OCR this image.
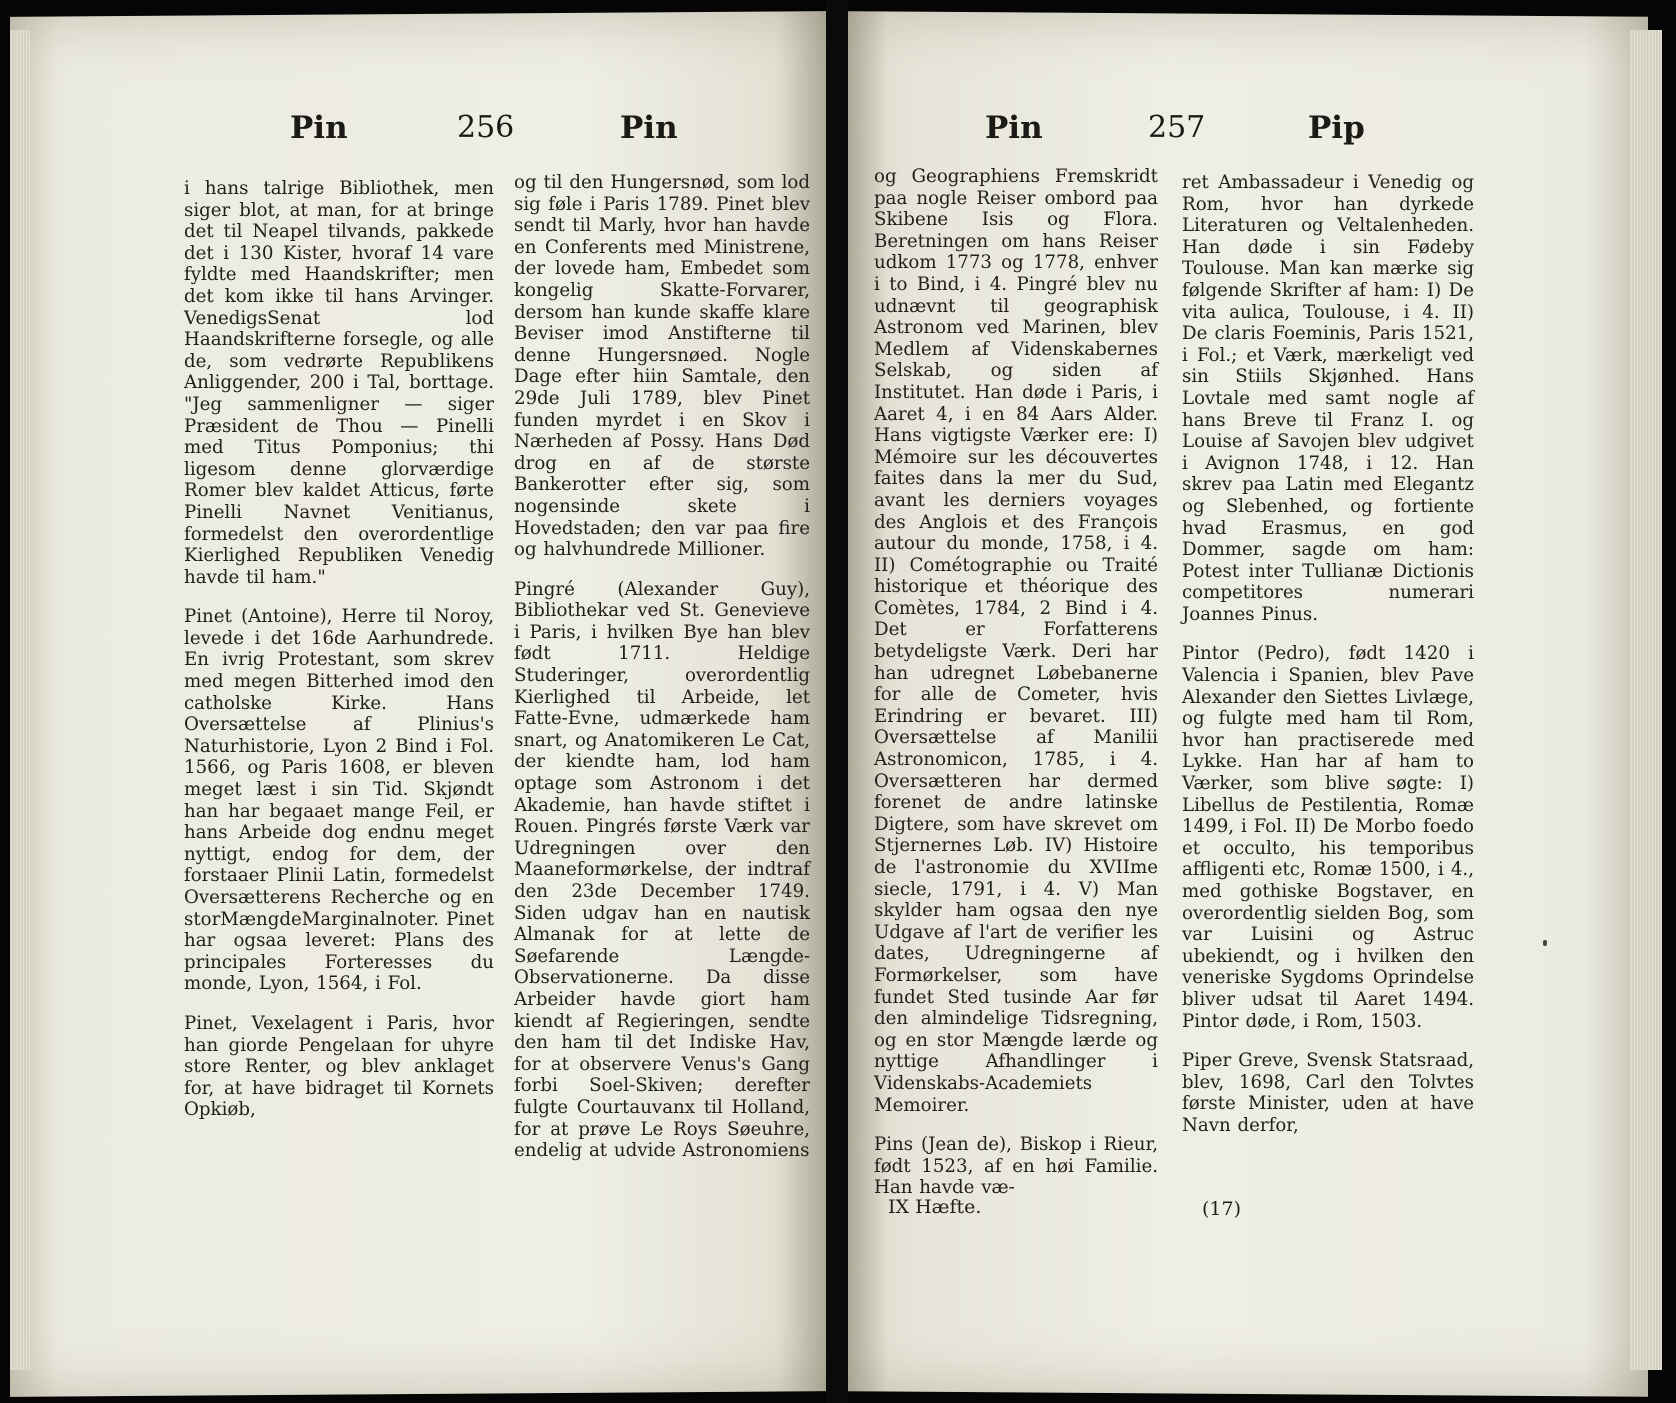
Pin	256	Pin

i hans talrige Bibliothek, men siger blot, at man, for at bringe det til Neapel tilvands, pakkede det i 130 Kister, hvoraf 14 vare fyldte med Haandskrifter; men det kom ikke til hans Arvinger. VenedigsSenat lod Haandskrifterne forsegle, og alle de, som vedrørte Republikens Anliggender, 200 i Tal, borttage. "Jeg sammenligner — siger Præsident de Thou — Pinelli med Titus Pomponius; thi ligesom denne glorværdige Romer blev kaldet Atticus, førte Pinelli Navnet Venitianus, formedelst den overordentlige Kierlighed Republiken Venedig havde til ham."

Pinet (Antoine), Herre til Noroy, levede i det 16de Aarhundrede. En ivrig Protestant, som skrev med megen Bitterhed imod den catholske Kirke. Hans Oversættelse af Plinius's Naturhistorie, Lyon 2 Bind i Fol. 1566, og Paris 1608, er bleven meget læst i sin Tid. Skjøndt han har begaaet mange Feil, er hans Arbeide dog endnu meget nyttigt, endog for dem, der forstaaer Plinii Latin, formedelst Oversætterens Recherche og en storMængdeMarginalnoter. Pinet har ogsaa leveret: Plans des principales Forteresses du monde, Lyon, 1564, i Fol.

Pinet, Vexelagent i Paris, hvor han giorde Pengelaan for uhyre store Renter, og blev anklaget for, at have bidraget til Kornets Opkiøb,

og til den Hungersnød, som lod sig føle i Paris 1789. Pinet blev sendt til Marly, hvor han havde en Conferents med Ministrene, der lovede ham, Embedet som kongelig Skatte-Forvarer, dersom han kunde skaffe klare Beviser imod Anstifterne til denne Hungersnøed. Nogle Dage efter hiin Samtale, den 29de Juli 1789, blev Pinet funden myrdet i en Skov i Nærheden af Possy. Hans Død drog en af de største Bankerotter efter sig, som nogensinde skete i Hovedstaden; den var paa fire og halvhundrede Millioner.

Pingré (Alexander Guy), Bibliothekar ved St. Genevieve i Paris, i hvilken Bye han blev født 1711. Heldige Studeringer, overordentlig Kierlighed til Arbeide, let Fatte-Evne, udmærkede ham snart, og Anatomikeren Le Cat, der kiendte ham, lod ham optage som Astronom i det Akademie, han havde stiftet i Rouen. Pingrés første Værk var Udregningen over den Maaneformørkelse, der indtraf den 23de December 1749. Siden udgav han en nautisk Almanak for at lette de Søefarende Længde-Observationerne. Da disse Arbeider havde giort ham kiendt af Regieringen, sendte den ham til det Indiske Hav, for at observere Venus's Gang forbi Soel-Skiven; derefter fulgte Courtauvanx til Holland, for at prøve Le Roys Søeuhre, endelig at udvide Astronomiens

Pin	257	Pip

og Geographiens Fremskridt paa nogle Reiser ombord paa Skibene Isis og Flora. Beretningen om hans Reiser udkom 1773 og 1778, enhver i to Bind, i 4. Pingré blev nu udnævnt til geographisk Astronom ved Marinen, blev Medlem af Videnskabernes Selskab, og siden af Institutet. Han døde i Paris, i Aaret 4, i en 84 Aars Alder. Hans vigtigste Værker ere: I) Mémoire sur les découvertes faites dans la mer du Sud, avant les derniers voyages des Anglois et des François autour du monde, 1758, i 4. II) Cométographie ou Traité historique et théorique des Comètes, 1784, 2 Bind i 4. Det er Forfatterens betydeligste Værk. Deri har han udregnet Løbebanerne for alle de Cometer, hvis Erindring er bevaret. III) Oversættelse af Manilii Astronomicon, 1785, i 4. Oversætteren har dermed forenet de andre latinske Digtere, som have skrevet om Stjernernes Løb. IV) Histoire de l'astronomie du XVIIme siecle, 1791, i 4. V) Man skylder ham ogsaa den nye Udgave af l'art de verifier les dates, Udregningerne af Formørkelser, som have fundet Sted tusinde Aar før den almindelige Tidsregning, og en stor Mængde lærde og nyttige Afhandlinger i Videnskabs-Academiets Memoirer.

Pins (Jean de), Biskop i Rieur, født 1523, af en høi Familie. Han havde væ-

ret Ambassadeur i Venedig og Rom, hvor han dyrkede Literaturen og Veltalenheden. Han døde i sin Fødeby Toulouse. Man kan mærke sig følgende Skrifter af ham: I) De vita aulica, Toulouse, i 4. II) De claris Foeminis, Paris 1521, i Fol.; et Værk, mærkeligt ved sin Stiils Skjønhed. Hans Lovtale med samt nogle af hans Breve til Franz I. og Louise af Savojen blev udgivet i Avignon 1748, i 12. Han skrev paa Latin med Elegantz og Slebenhed, og fortiente hvad Erasmus, en god Dommer, sagde om ham: Potest inter Tullianæ Dictionis competitores numerari Joannes Pinus.

Pintor (Pedro), født 1420 i Valencia i Spanien, blev Pave Alexander den Siettes Livlæge, og fulgte med ham til Rom, hvor han practiserede med Lykke. Han har af ham to Værker, som blive søgte: I) Libellus de Pestilentia, Romæ 1499, i Fol. II) De Morbo foedo et occulto, his temporibus affligenti etc, Romæ 1500, i 4., med gothiske Bogstaver, en overordentlig sielden Bog, som var Luisini og Astruc ubekiendt, og i hvilken den veneriske Sygdoms Oprindelse bliver udsat til Aaret 1494. Pintor døde, i Rom, 1503.

Piper Greve, Svensk Statsraad, blev, 1698, Carl den Tolvtes første Minister, uden at have Navn derfor,

IX Hæfte.	(17)
